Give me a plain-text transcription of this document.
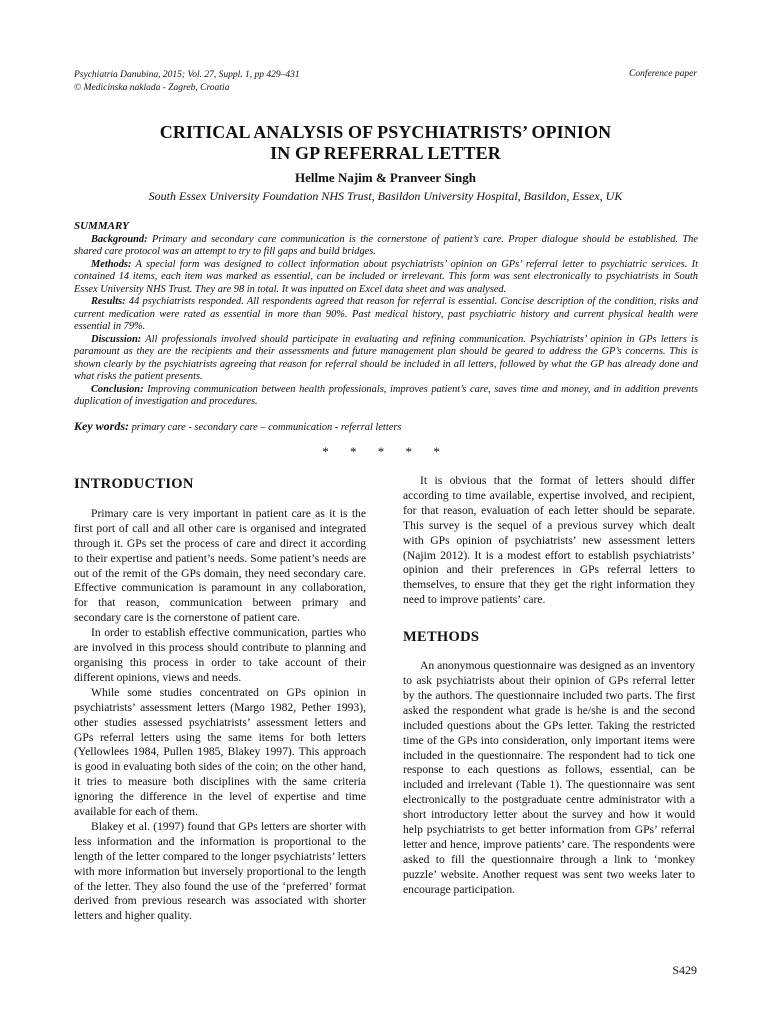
Psychiatria Danubina, 2015; Vol. 27, Suppl. 1, pp 429–431
© Medicinska naklada - Zagreb, Croatia
Conference paper
CRITICAL ANALYSIS OF PSYCHIATRISTS’ OPINION
IN GP REFERRAL LETTER
Hellme Najim & Pranveer Singh
South Essex University Foundation NHS Trust, Basildon University Hospital, Basildon, Essex, UK
SUMMARY

Background: Primary and secondary care communication is the cornerstone of patient’s care. Proper dialogue should be established. The shared care protocol was an attempt to try to fill gaps and build bridges.

Methods: A special form was designed to collect information about psychiatrists’ opinion on GPs’ referral letter to psychiatric services. It contained 14 items, each item was marked as essential, can be included or irrelevant. This form was sent electronically to psychiatrists in South Essex University NHS Trust. They are 98 in total. It was inputted on Excel data sheet and was analysed.

Results: 44 psychiatrists responded. All respondents agreed that reason for referral is essential. Concise description of the condition, risks and current medication were rated as essential in more than 90%. Past medical history, past psychiatric history and current physical health were essential in 79%.

Discussion: All professionals involved should participate in evaluating and refining communication. Psychiatrists’ opinion in GPs letters is paramount as they are the recipients and their assessments and future management plan should be geared to address the GP’s concerns. This is shown clearly by the psychiatrists agreeing that reason for referral should be included in all letters, followed by what the GP has already done and what risks the patient presents.

Conclusion: Improving communication between health professionals, improves patient’s care, saves time and money, and in addition prevents duplication of investigation and procedures.

Key words: primary care - secondary care – communication - referral letters
* * * * *
INTRODUCTION

Primary care is very important in patient care as it is the first port of call and all other care is organised and integrated through it. GPs set the process of care and direct it according to their expertise and patient’s needs. Some patient’s needs are out of the remit of the GPs domain, they need secondary care. Effective communication is paramount in any collaboration, for that reason, communication between primary and secondary care is the cornerstone of patient care.

In order to establish effective communication, parties who are involved in this process should contribute to planning and organising this process in order to take account of their different opinions, views and needs.

While some studies concentrated on GPs opinion in psychiatrists’ assessment letters (Margo 1982, Pether 1993), other studies assessed psychiatrists’ assessment letters and GPs referral letters using the same items for both letters (Yellowlees 1984, Pullen 1985, Blakey 1997). This approach is good in evaluating both sides of the coin; on the other hand, it tries to measure both disciplines with the same criteria ignoring the difference in the level of expertise and time available for each of them.

Blakey et al. (1997) found that GPs letters are shorter with less information and the information is proportional to the length of the letter compared to the longer psychiatrists’ letters with more information but inversely proportional to the length of the letter. They also found the use of the ‘preferred’ format derived from previous research was associated with shorter letters and higher quality.

It is obvious that the format of letters should differ according to time available, expertise involved, and recipient, for that reason, evaluation of each letter should be separate. This survey is the sequel of a previous survey which dealt with GPs opinion of psychiatrists’ new assessment letters (Najim 2012). It is a modest effort to establish psychiatrists’ opinion and their preferences in GPs referral letters to themselves, to ensure that they get the right information they need to improve patients’ care.

METHODS

An anonymous questionnaire was designed as an inventory to ask psychiatrists about their opinion of GPs referral letter by the authors. The questionnaire included two parts. The first asked the respondent what grade is he/she is and the second included questions about the GPs letter. Taking the restricted time of the GPs into consideration, only important items were included in the questionnaire. The respondent had to tick one response to each questions as follows, essential, can be included and irrelevant (Table 1). The questionnaire was sent electronically to the postgraduate centre administrator with a short introductory letter about the survey and how it would help psychiatrists to get better information from GPs’ referral letter and hence, improve patients’ care. The respondents were asked to fill the questionnaire through a link to ‘monkey puzzle’ website. Another request was sent two weeks later to encourage participation.

S429
